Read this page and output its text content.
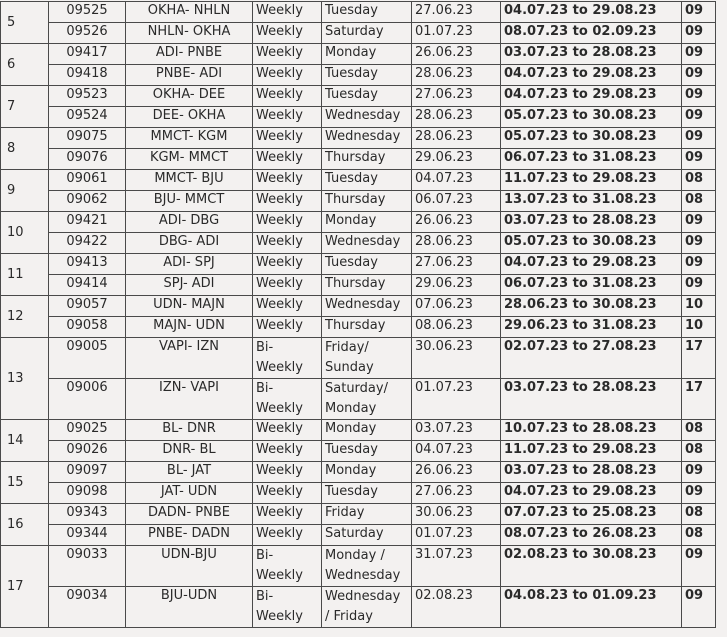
5	09525	OKHA- NHLN	Weekly	Tuesday	27.06.23	04.07.23 to 29.08.23	09
	09526	NHLN- OKHA	Weekly	Saturday	01.07.23	08.07.23 to 02.09.23	09
6	09417	ADI- PNBE	Weekly	Monday	26.06.23	03.07.23 to 28.08.23	09
	09418	PNBE- ADI	Weekly	Tuesday	28.06.23	04.07.23 to 29.08.23	09
7	09523	OKHA- DEE	Weekly	Tuesday	27.06.23	04.07.23 to 29.08.23	09
	09524	DEE- OKHA	Weekly	Wednesday	28.06.23	05.07.23 to 30.08.23	09
8	09075	MMCT- KGM	Weekly	Wednesday	28.06.23	05.07.23 to 30.08.23	09
	09076	KGM- MMCT	Weekly	Thursday	29.06.23	06.07.23 to 31.08.23	09
9	09061	MMCT- BJU	Weekly	Tuesday	04.07.23	11.07.23 to 29.08.23	08
	09062	BJU- MMCT	Weekly	Thursday	06.07.23	13.07.23 to 31.08.23	08
10	09421	ADI- DBG	Weekly	Monday	26.06.23	03.07.23 to 28.08.23	09
	09422	DBG- ADI	Weekly	Wednesday	28.06.23	05.07.23 to 30.08.23	09
11	09413	ADI- SPJ	Weekly	Tuesday	27.06.23	04.07.23 to 29.08.23	09
	09414	SPJ- ADI	Weekly	Thursday	29.06.23	06.07.23 to 31.08.23	09
12	09057	UDN- MAJN	Weekly	Wednesday	07.06.23	28.06.23 to 30.08.23	10
	09058	MAJN- UDN	Weekly	Thursday	08.06.23	29.06.23 to 31.08.23	10
13	09005	VAPI- IZN	Bi-
Weekly	Friday/
Sunday	30.06.23	02.07.23 to 27.08.23	17
	09006	IZN- VAPI	Bi-
Weekly	Saturday/
Monday	01.07.23	03.07.23 to 28.08.23	17
14	09025	BL- DNR	Weekly	Monday	03.07.23	10.07.23 to 28.08.23	08
	09026	DNR- BL	Weekly	Tuesday	04.07.23	11.07.23 to 29.08.23	08
15	09097	BL- JAT	Weekly	Monday	26.06.23	03.07.23 to 28.08.23	09
	09098	JAT- UDN	Weekly	Tuesday	27.06.23	04.07.23 to 29.08.23	09
16	09343	DADN- PNBE	Weekly	Friday	30.06.23	07.07.23 to 25.08.23	08
	09344	PNBE- DADN	Weekly	Saturday	01.07.23	08.07.23 to 26.08.23	08
17	09033	UDN-BJU	Bi-
Weekly	Monday /
Wednesday	31.07.23	02.08.23 to 30.08.23	09
	09034	BJU-UDN	Bi-
Weekly	Wednesday
/ Friday	02.08.23	04.08.23 to 01.09.23	09
